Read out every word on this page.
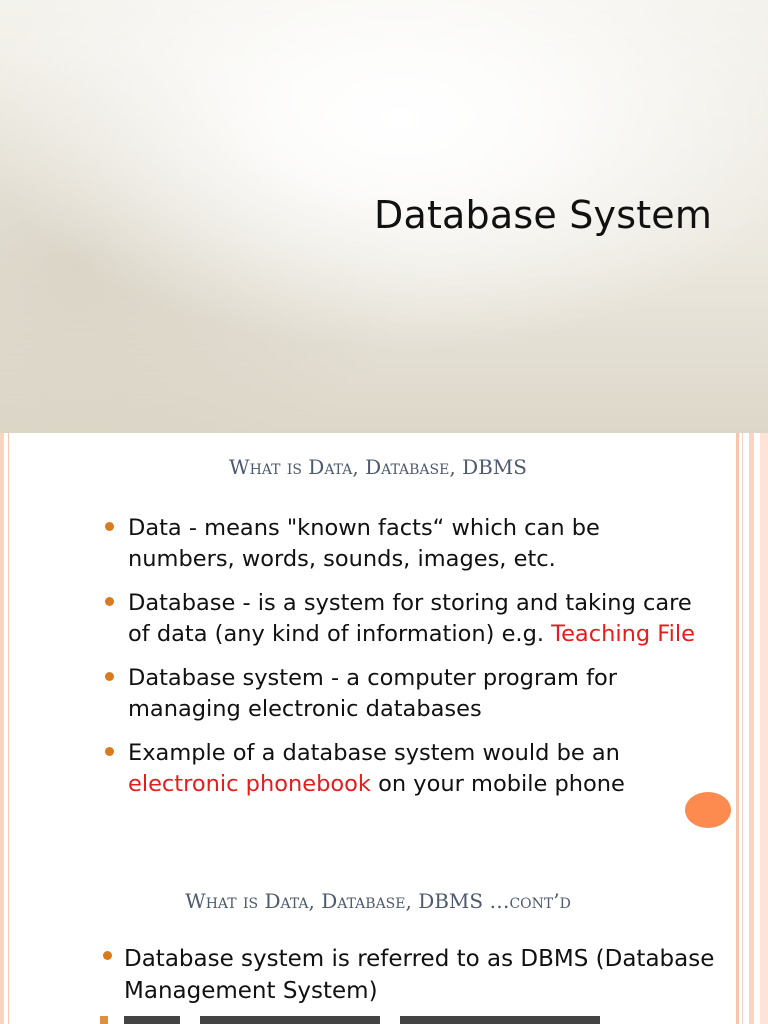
Database System
What is Data, Database, DBMS
Data - means "known facts“ which can be numbers, words, sounds, images, etc.
Database - is a system for storing and taking care of data (any kind of information) e.g. Teaching File
Database system - a computer program for managing electronic databases
Example of a database system would be an electronic phonebook on your mobile phone
What is Data, Database, DBMS …cont’d
Database system is referred to as DBMS (Database Management System)
